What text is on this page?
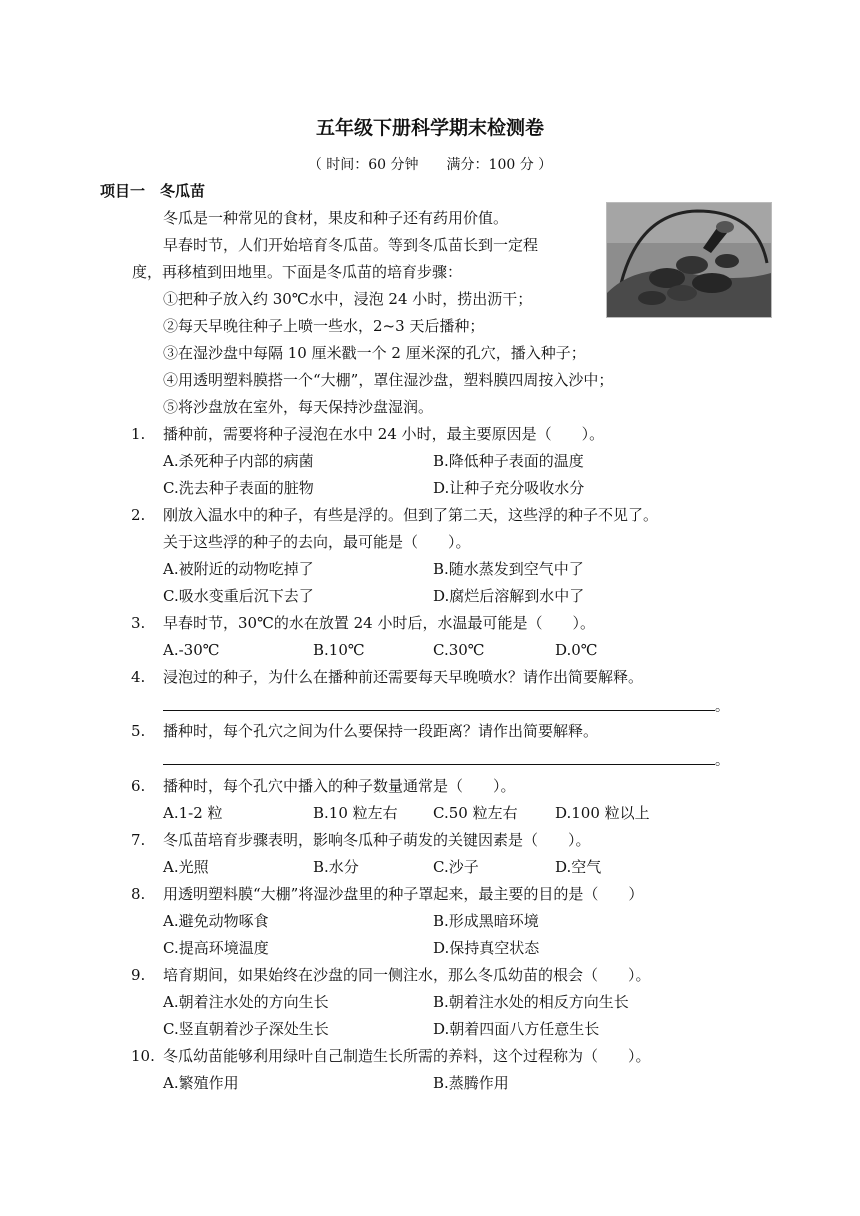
五年级下册科学期末检测卷
（ 时间：60 分钟　　满分：100 分 ）
项目一　冬瓜苗
冬瓜是一种常见的食材，果皮和种子还有药用价值。
早春时节，人们开始培育冬瓜苗。等到冬瓜苗长到一定程
度，再移植到田地里。下面是冬瓜苗的培育步骤：
①把种子放入约 30℃水中，浸泡 24 小时，捞出沥干；
②每天早晚往种子上喷一些水，2~3 天后播种；
③在湿沙盘中每隔 10 厘米戳一个 2 厘米深的孔穴，播入种子；
④用透明塑料膜搭一个“大棚”，罩住湿沙盘，塑料膜四周按入沙中；
⑤将沙盘放在室外，每天保持沙盘湿润。
1. 播种前，需要将种子浸泡在水中 24 小时，最主要原因是（　　）。
A.杀死种子内部的病菌	B.降低种子表面的温度
C.洗去种子表面的脏物	D.让种子充分吸收水分
2. 刚放入温水中的种子，有些是浮的。但到了第二天，这些浮的种子不见了。
关于这些浮的种子的去向，最可能是（　　）。
A.被附近的动物吃掉了	B.随水蒸发到空气中了
C.吸水变重后沉下去了	D.腐烂后溶解到水中了
3. 早春时节，30℃的水在放置 24 小时后，水温最可能是（　　）。
A.-30℃	B.10℃	C.30℃	D.0℃
4. 浸泡过的种子，为什么在播种前还需要每天早晚喷水？请作出简要解释。
。
5. 播种时，每个孔穴之间为什么要保持一段距离？请作出简要解释。
。
6. 播种时，每个孔穴中播入的种子数量通常是（　　）。
A.1-2 粒	B.10 粒左右 C.50 粒左右 D.100 粒以上
7. 冬瓜苗培育步骤表明，影响冬瓜种子萌发的关键因素是（　　）。
A.光照	B.水分	C.沙子	D.空气
8. 用透明塑料膜“大棚”将湿沙盘里的种子罩起来，最主要的目的是（　　）
A.避免动物啄食	B.形成黑暗环境
C.提高环境温度	D.保持真空状态
9. 培育期间，如果始终在沙盘的同一侧注水，那么冬瓜幼苗的根会（　　）。
A.朝着注水处的方向生长	B.朝着注水处的相反方向生长
C.竖直朝着沙子深处生长	D.朝着四面八方任意生长
10. 冬瓜幼苗能够利用绿叶自己制造生长所需的养料，这个过程称为（　　）。
A.繁殖作用	B.蒸腾作用
